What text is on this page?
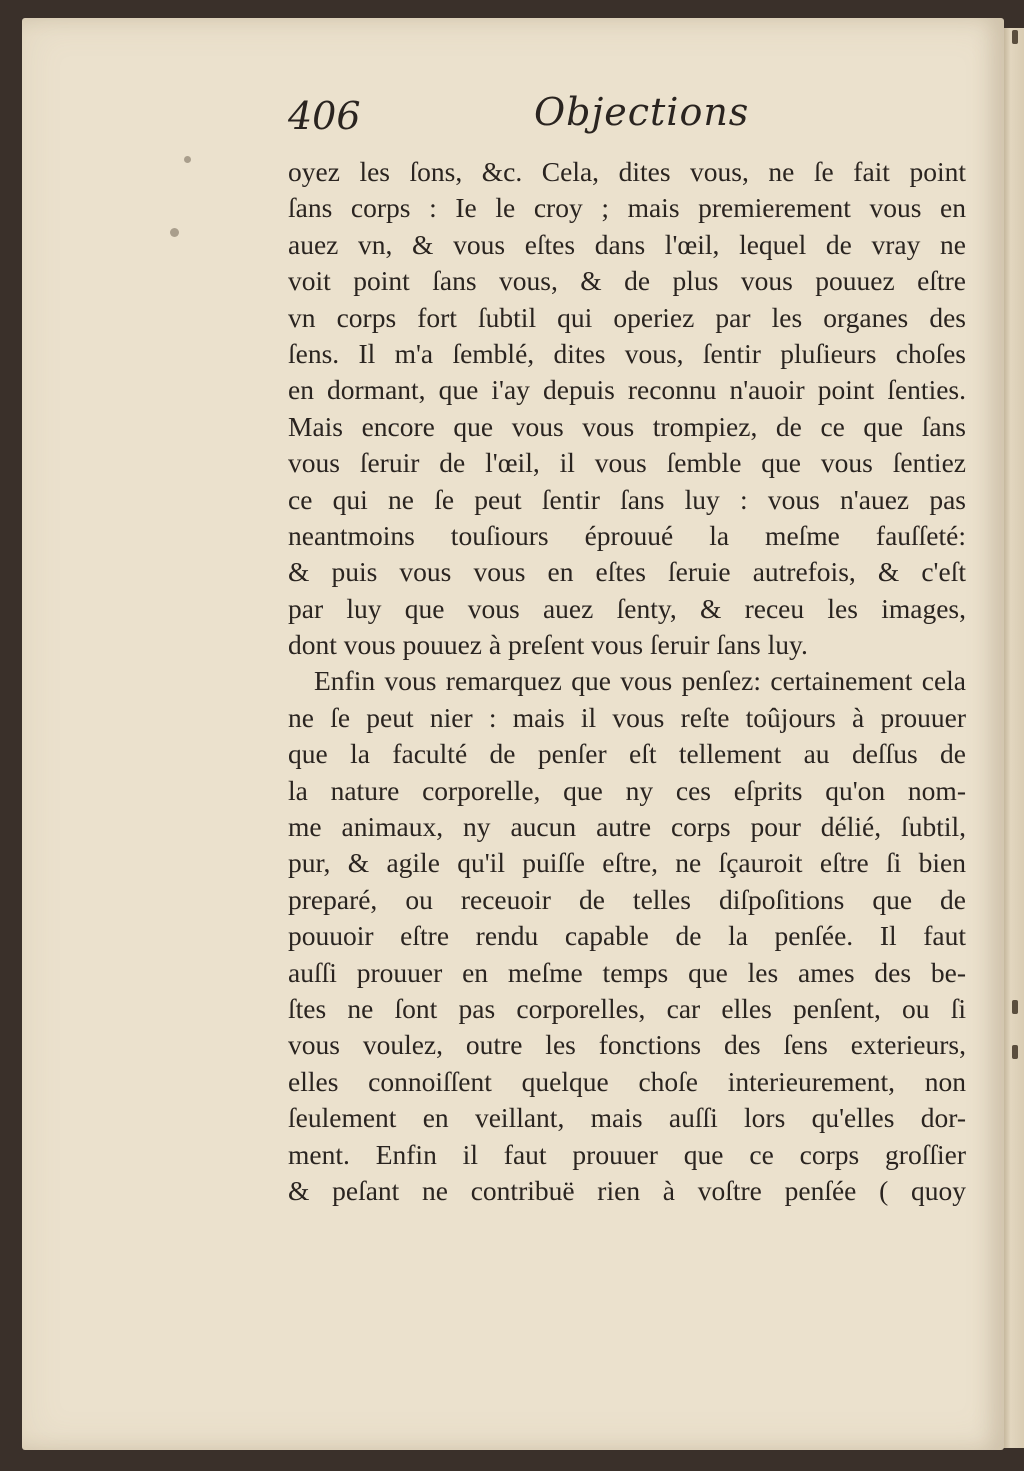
406	Objections
oyez les ſons, &c. Cela, dites vous, ne ſe fait point
ſans corps : Ie le croy ; mais premierement vous en
auez vn, & vous eſtes dans l'œil, lequel de vray ne
voit point ſans vous, & de plus vous pouuez eſtre
vn corps fort ſubtil qui operiez par les organes des
ſens. Il m'a ſemblé, dites vous, ſentir pluſieurs choſes
en dormant, que i'ay depuis reconnu n'auoir point ſenties.
Mais encore que vous vous trompiez, de ce que ſans
vous ſeruir de l'œil, il vous ſemble que vous ſentiez
ce qui ne ſe peut ſentir ſans luy : vous n'auez pas
neantmoins touſiours éprouué la meſme fauſſeté:
& puis vous vous en eſtes ſeruie autrefois, & c'eſt
par luy que vous auez ſenty, & receu les images,
dont vous pouuez à preſent vous ſeruir ſans luy.
Enfin vous remarquez que vous penſez: certainement cela
ne ſe peut nier : mais il vous reſte toûjours à prouuer
que la faculté de penſer eſt tellement au deſſus de
la nature corporelle, que ny ces eſprits qu'on nom-
me animaux, ny aucun autre corps pour délié, ſubtil,
pur, & agile qu'il puiſſe eſtre, ne ſçauroit eſtre ſi bien
preparé, ou receuoir de telles diſpoſitions que de
pouuoir eſtre rendu capable de la penſée. Il faut
auſſi prouuer en meſme temps que les ames des be-
ſtes ne ſont pas corporelles, car elles penſent, ou ſi
vous voulez, outre les fonctions des ſens exterieurs,
elles connoiſſent quelque choſe interieurement, non
ſeulement en veillant, mais auſſi lors qu'elles dor-
ment. Enfin il faut prouuer que ce corps groſſier
& peſant ne contribuë rien à voſtre penſée ( quoy
